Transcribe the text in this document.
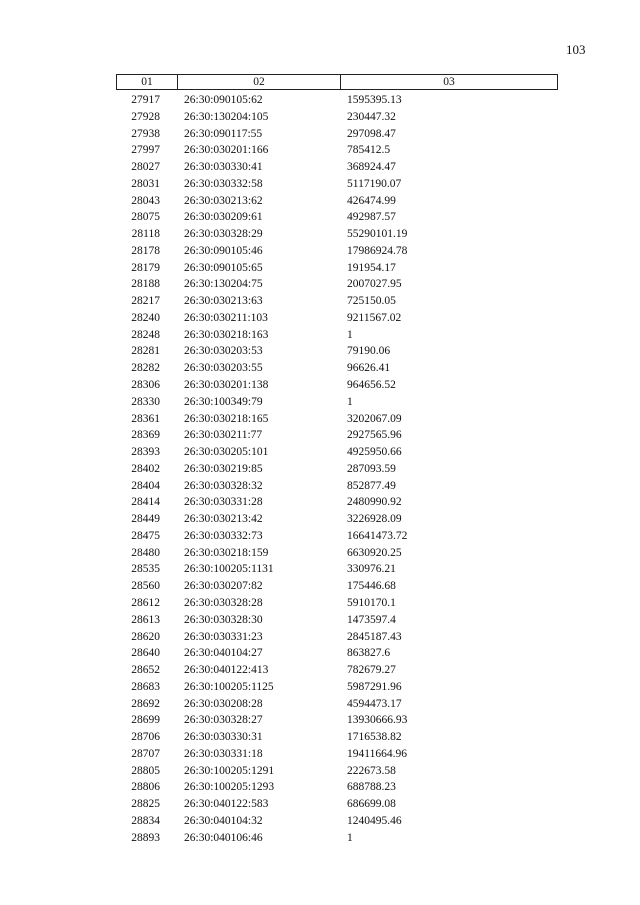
103
01	02	03
27917 26:30:090105:62	1595395.13
27928 26:30:130204:105	230447.32
27938 26:30:090117:55	297098.47
27997 26:30:030201:166	785412.5
28027 26:30:030330:41	368924.47
28031 26:30:030332:58	5117190.07
28043 26:30:030213:62	426474.99
28075 26:30:030209:61	492987.57
28118 26:30:030328:29	55290101.19
28178 26:30:090105:46	17986924.78
28179 26:30:090105:65	191954.17
28188 26:30:130204:75	2007027.95
28217 26:30:030213:63	725150.05
28240 26:30:030211:103	9211567.02
28248 26:30:030218:163	1
28281 26:30:030203:53	79190.06
28282 26:30:030203:55	96626.41
28306 26:30:030201:138	964656.52
28330 26:30:100349:79	1
28361 26:30:030218:165	3202067.09
28369 26:30:030211:77	2927565.96
28393 26:30:030205:101	4925950.66
28402 26:30:030219:85	287093.59
28404 26:30:030328:32	852877.49
28414 26:30:030331:28	2480990.92
28449 26:30:030213:42	3226928.09
28475 26:30:030332:73	16641473.72
28480 26:30:030218:159	6630920.25
28535 26:30:100205:1131	330976.21
28560 26:30:030207:82	175446.68
28612 26:30:030328:28	5910170.1
28613 26:30:030328:30	1473597.4
28620 26:30:030331:23	2845187.43
28640 26:30:040104:27	863827.6
28652 26:30:040122:413	782679.27
28683 26:30:100205:1125	5987291.96
28692 26:30:030208:28	4594473.17
28699 26:30:030328:27	13930666.93
28706 26:30:030330:31	1716538.82
28707 26:30:030331:18	19411664.96
28805 26:30:100205:1291	222673.58
28806 26:30:100205:1293	688788.23
28825 26:30:040122:583	686699.08
28834 26:30:040104:32	1240495.46
28893 26:30:040106:46	1
